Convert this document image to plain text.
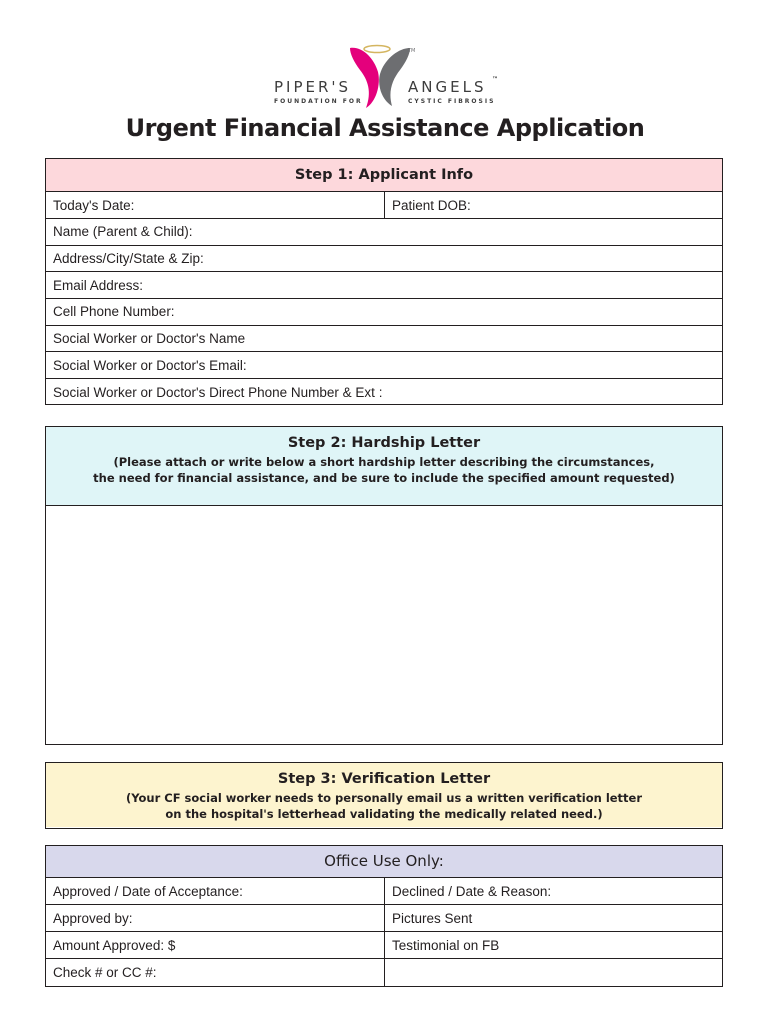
TM
PIPER'S	ANGELS ™
FOUNDATION FOR	CYSTIC FIBROSIS
Urgent Financial Assistance Application
Step 1: Applicant Info
Today's Date:	Patient DOB:
Name (Parent & Child):
Address/City/State & Zip:
Email Address:
Cell Phone Number:
Social Worker or Doctor's Name
Social Worker or Doctor's Email:
Social Worker or Doctor's Direct Phone Number & Ext :
Step 2: Hardship Letter
(Please attach or write below a short hardship letter describing the circumstances,
the need for financial assistance, and be sure to include the specified amount requested)
Step 3: Verification Letter
(Your CF social worker needs to personally email us a written verification letter
on the hospital's letterhead validating the medically related need.)
Office Use Only:
Approved / Date of Acceptance:	Declined / Date & Reason:
Approved by:	Pictures Sent
Amount Approved: $	Testimonial on FB
Check # or CC #:
